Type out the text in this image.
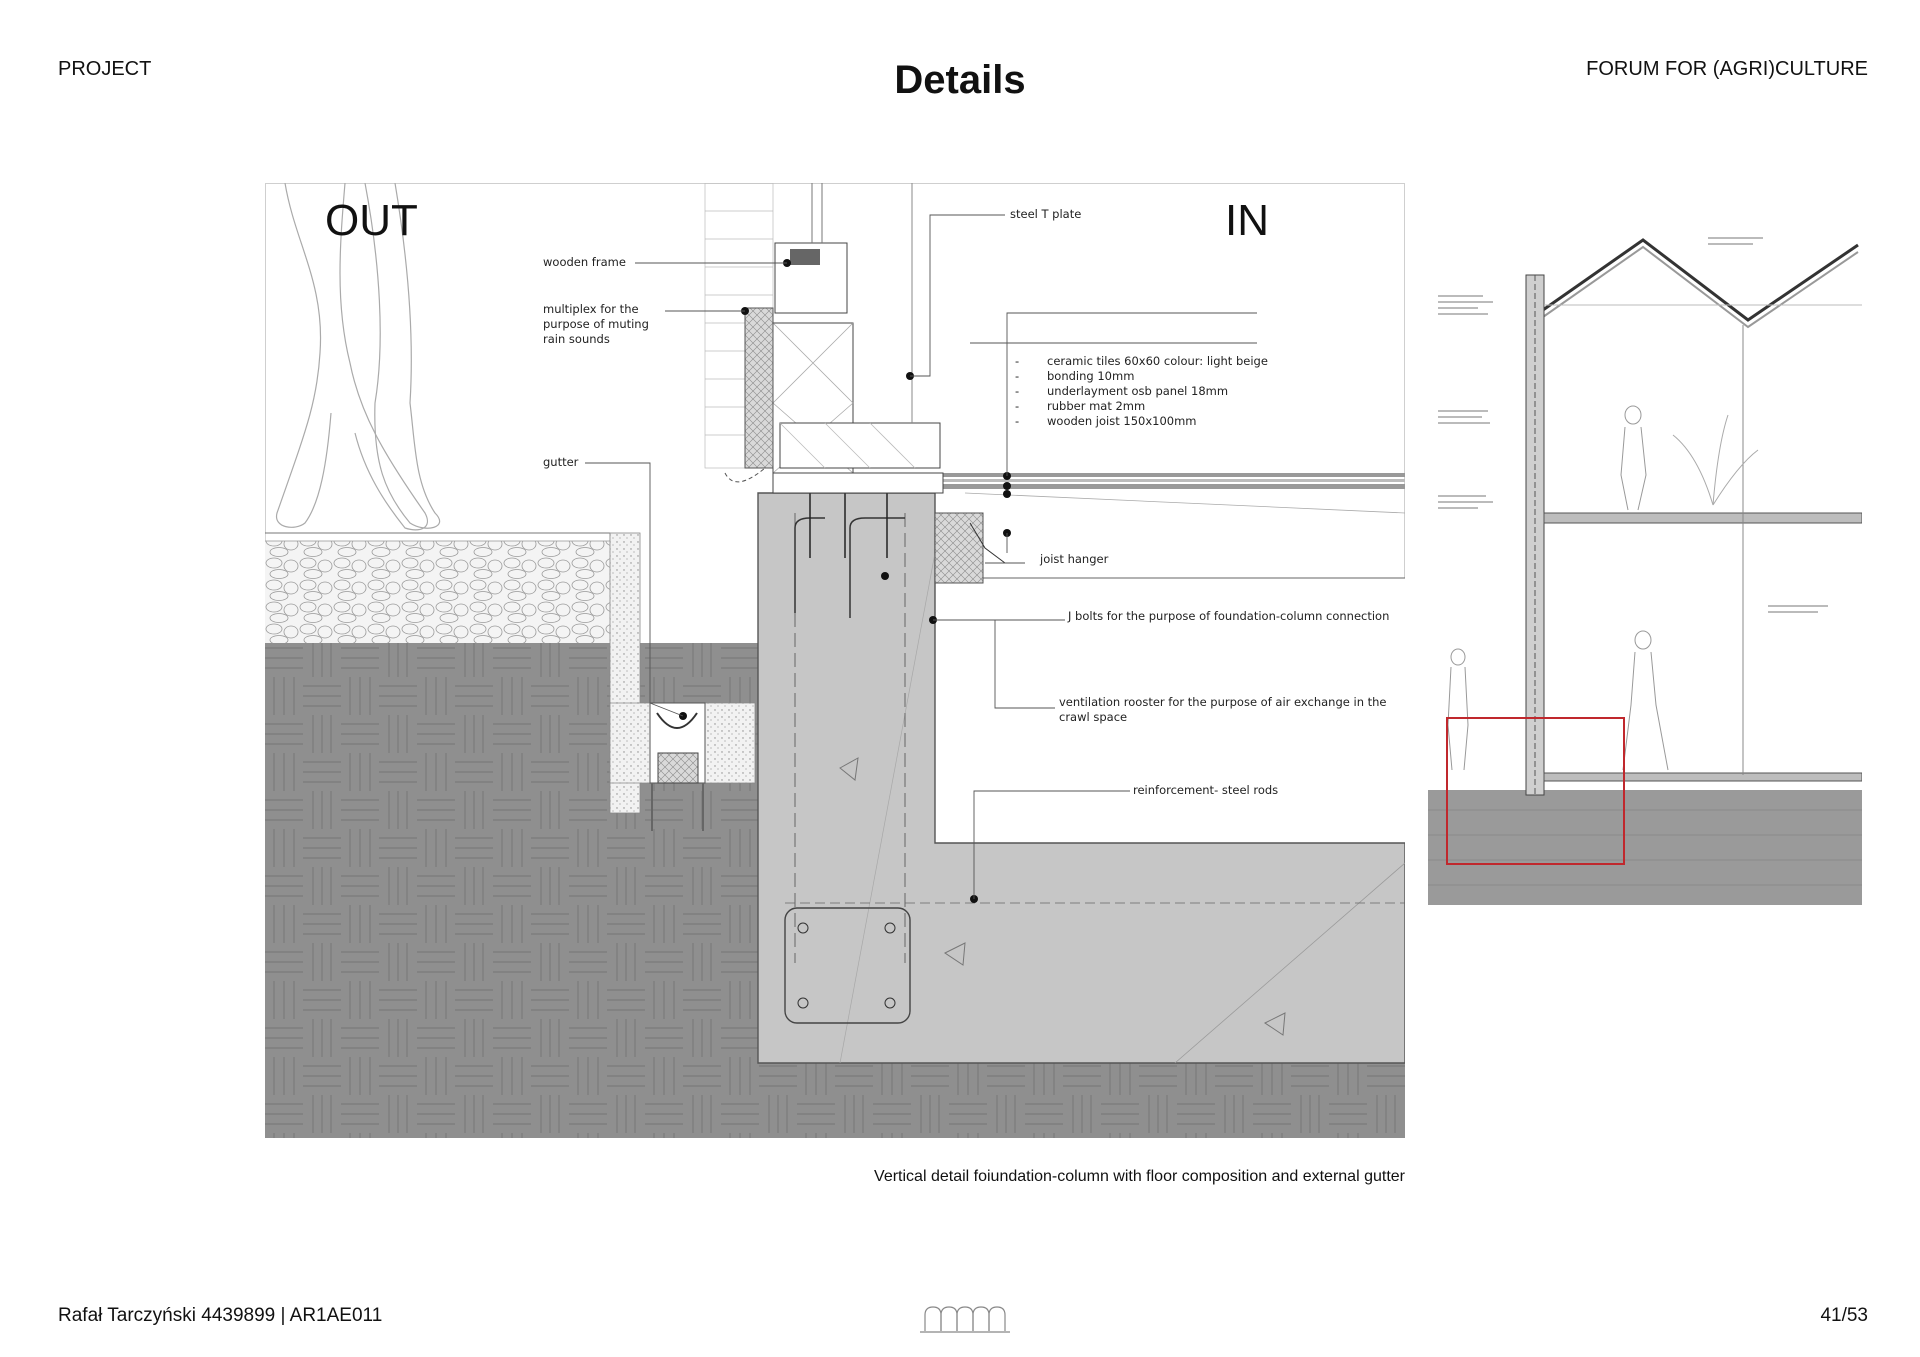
PROJECT	Details	FORUM FOR (AGRI)CULTURE
OUT	IN
steel T plate
wooden frame
multiplex for the
purpose of muting
rain sounds
gutter
- ceramic tiles 60x60 colour: light beige
- bonding 10mm
- underlayment osb panel 18mm
- rubber mat 2mm
- wooden joist 150x100mm
joist hanger
J bolts for the purpose of foundation-column connection
ventilation rooster for the purpose of air exchange in the
crawl space
reinforcement- steel rods
Vertical detail foiundation-column with floor composition and external gutter
Rafał Tarczyński 4439899 | AR1AE011	41/53
